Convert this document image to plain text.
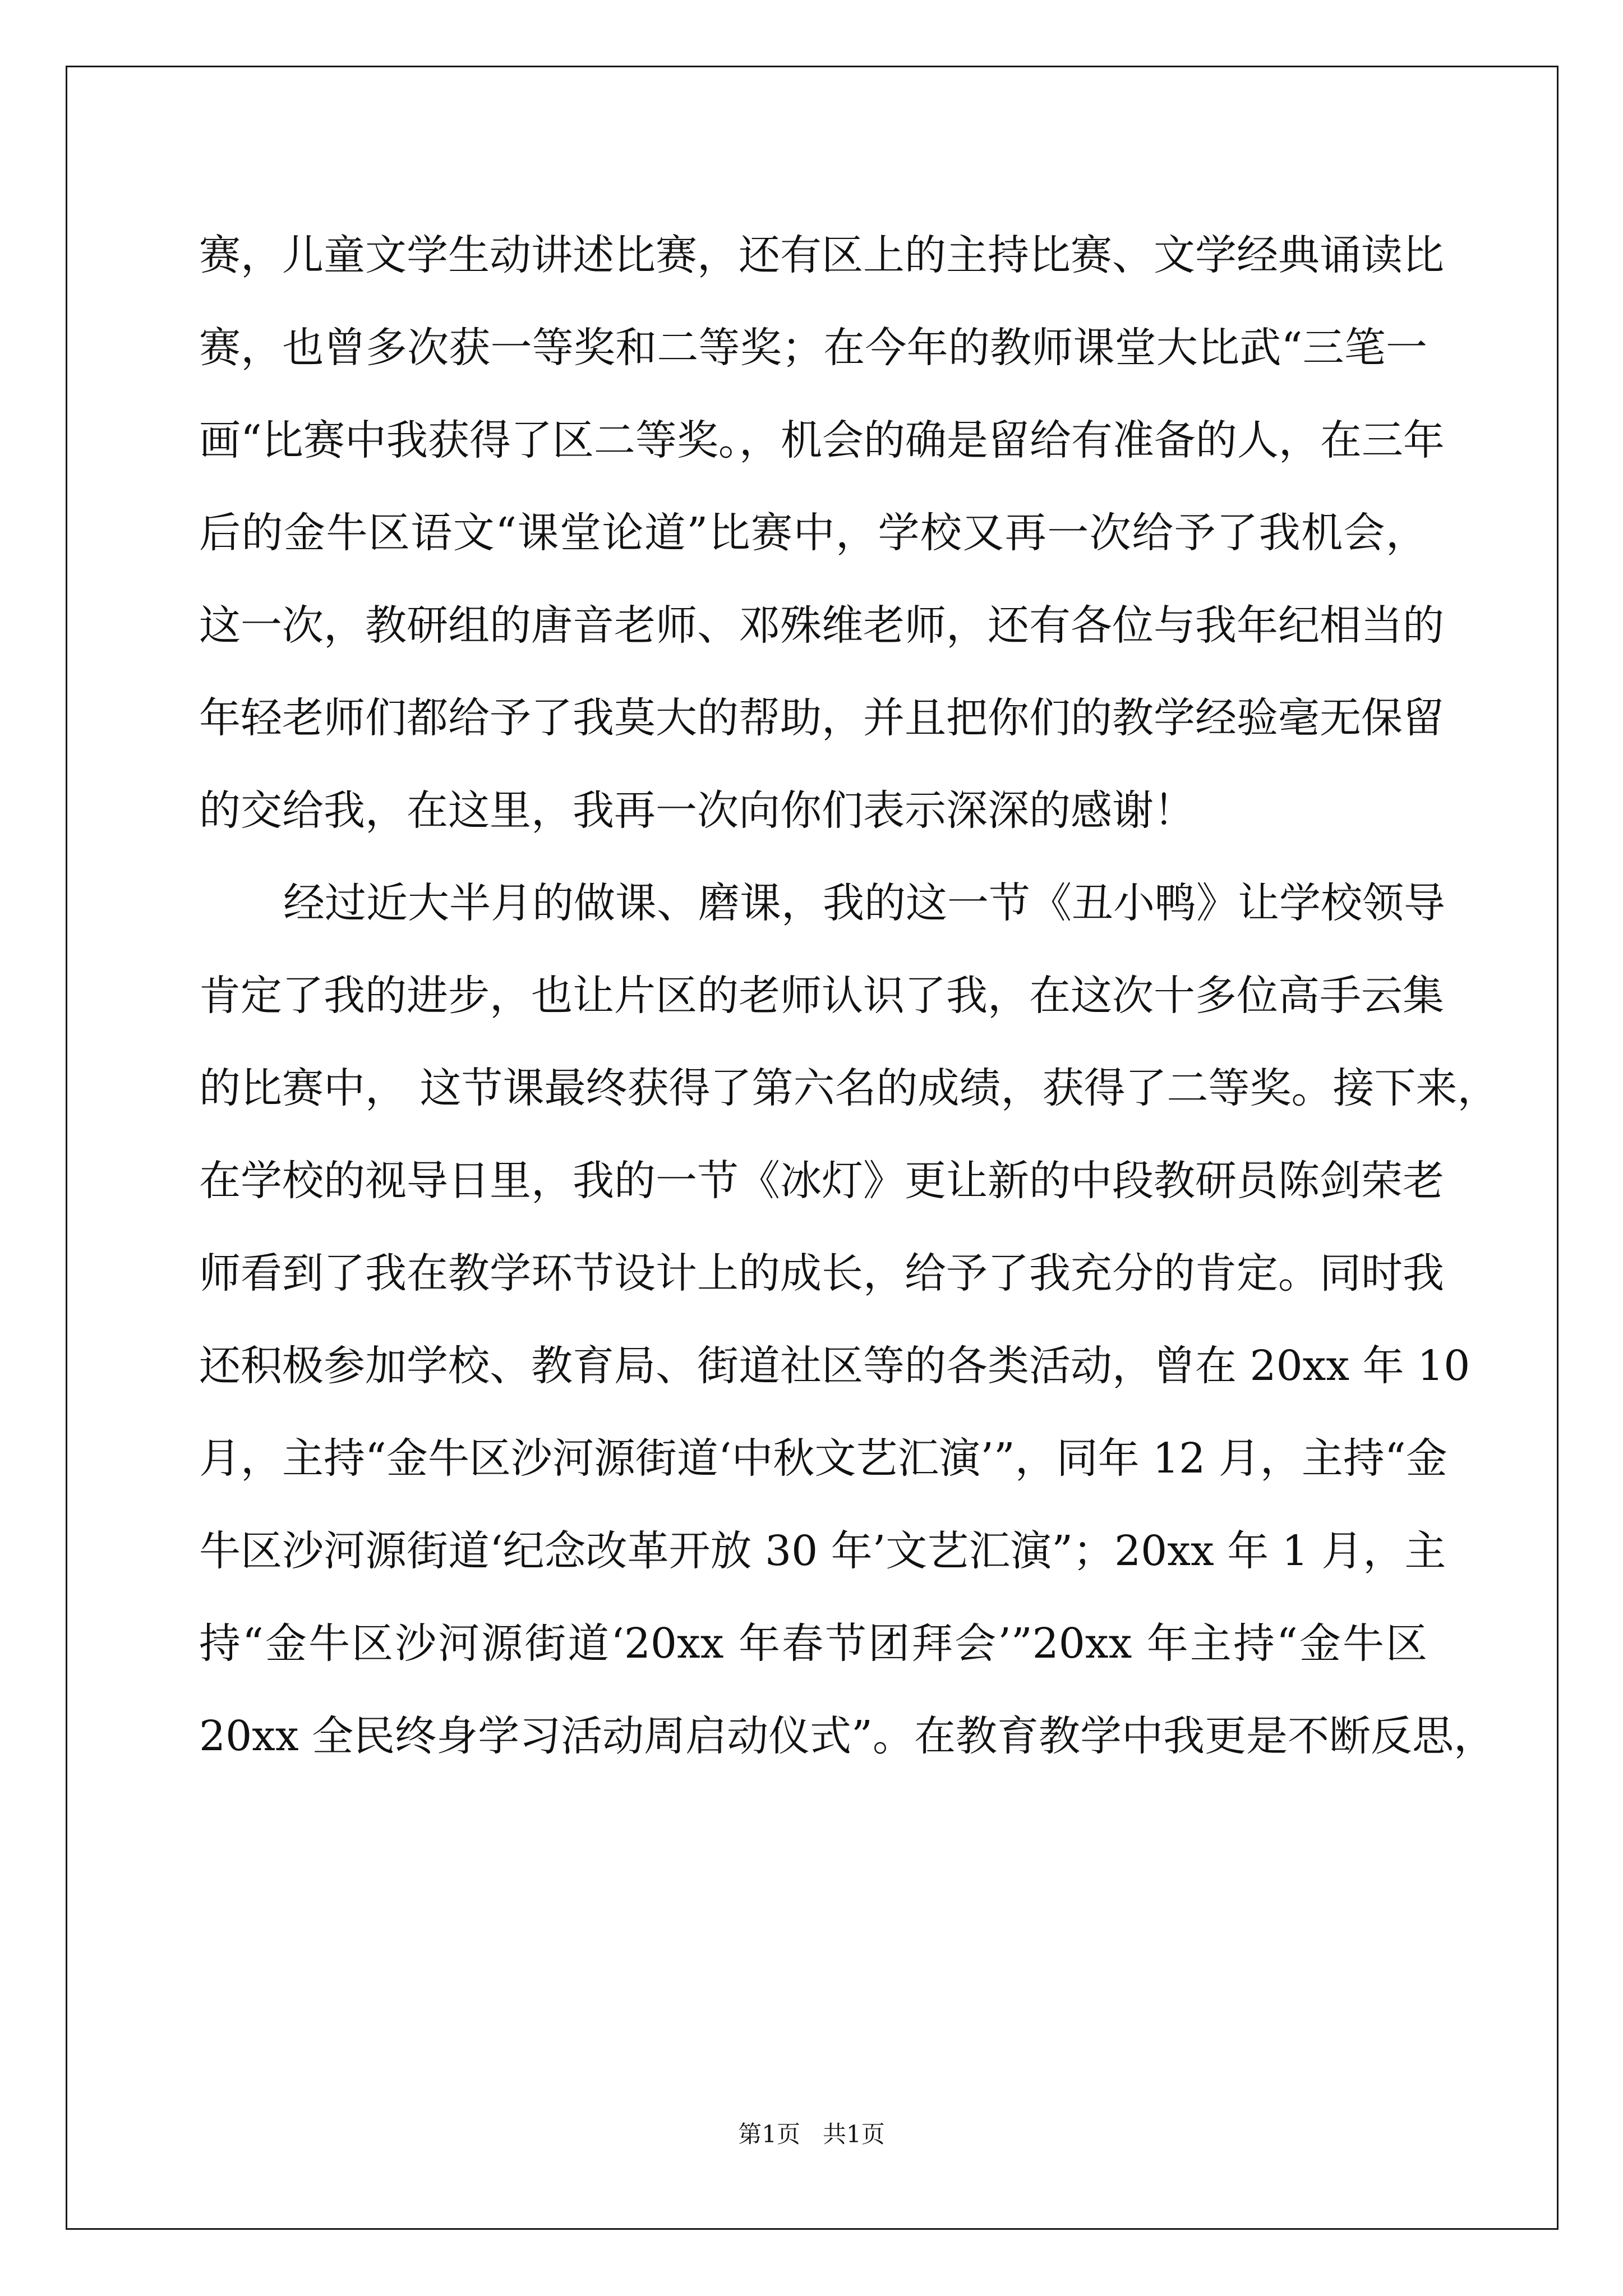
赛，儿童文学生动讲述比赛，还有区上的主持比赛、文学经典诵读比
赛，也曾多次获一等奖和二等奖；在今年的教师课堂大比武“三笔一
画“比赛中我获得了区二等奖。，机会的确是留给有准备的人，在三年
后的金牛区语文“课堂论道”比赛中，学校又再一次给予了我机会，
这一次，教研组的唐音老师、邓殊维老师，还有各位与我年纪相当的
年轻老师们都给予了我莫大的帮助，并且把你们的教学经验毫无保留
的交给我，在这里，我再一次向你们表示深深的感谢！
经过近大半月的做课、磨课，我的这一节《丑小鸭》让学校领导
肯定了我的进步，也让片区的老师认识了我，在这次十多位高手云集
的比赛中， 这节课最终获得了第六名的成绩，获得了二等奖。接下来，
在学校的视导日里，我的一节《冰灯》更让新的中段教研员陈剑荣老
师看到了我在教学环节设计上的成长，给予了我充分的肯定。同时我
还积极参加学校、教育局、街道社区等的各类活动，曾在 20xx 年 10
月，主持“金牛区沙河源街道‘中秋文艺汇演’”，同年 12 月，主持“金
牛区沙河源街道‘纪念改革开放 30 年’文艺汇演”；20xx 年 1 月，主
持“金牛区沙河源街道‘20xx 年春节团拜会’”20xx 年主持“金牛区
20xx 全民终身学习活动周启动仪式”。在教育教学中我更是不断反思，
第1页   共1页
